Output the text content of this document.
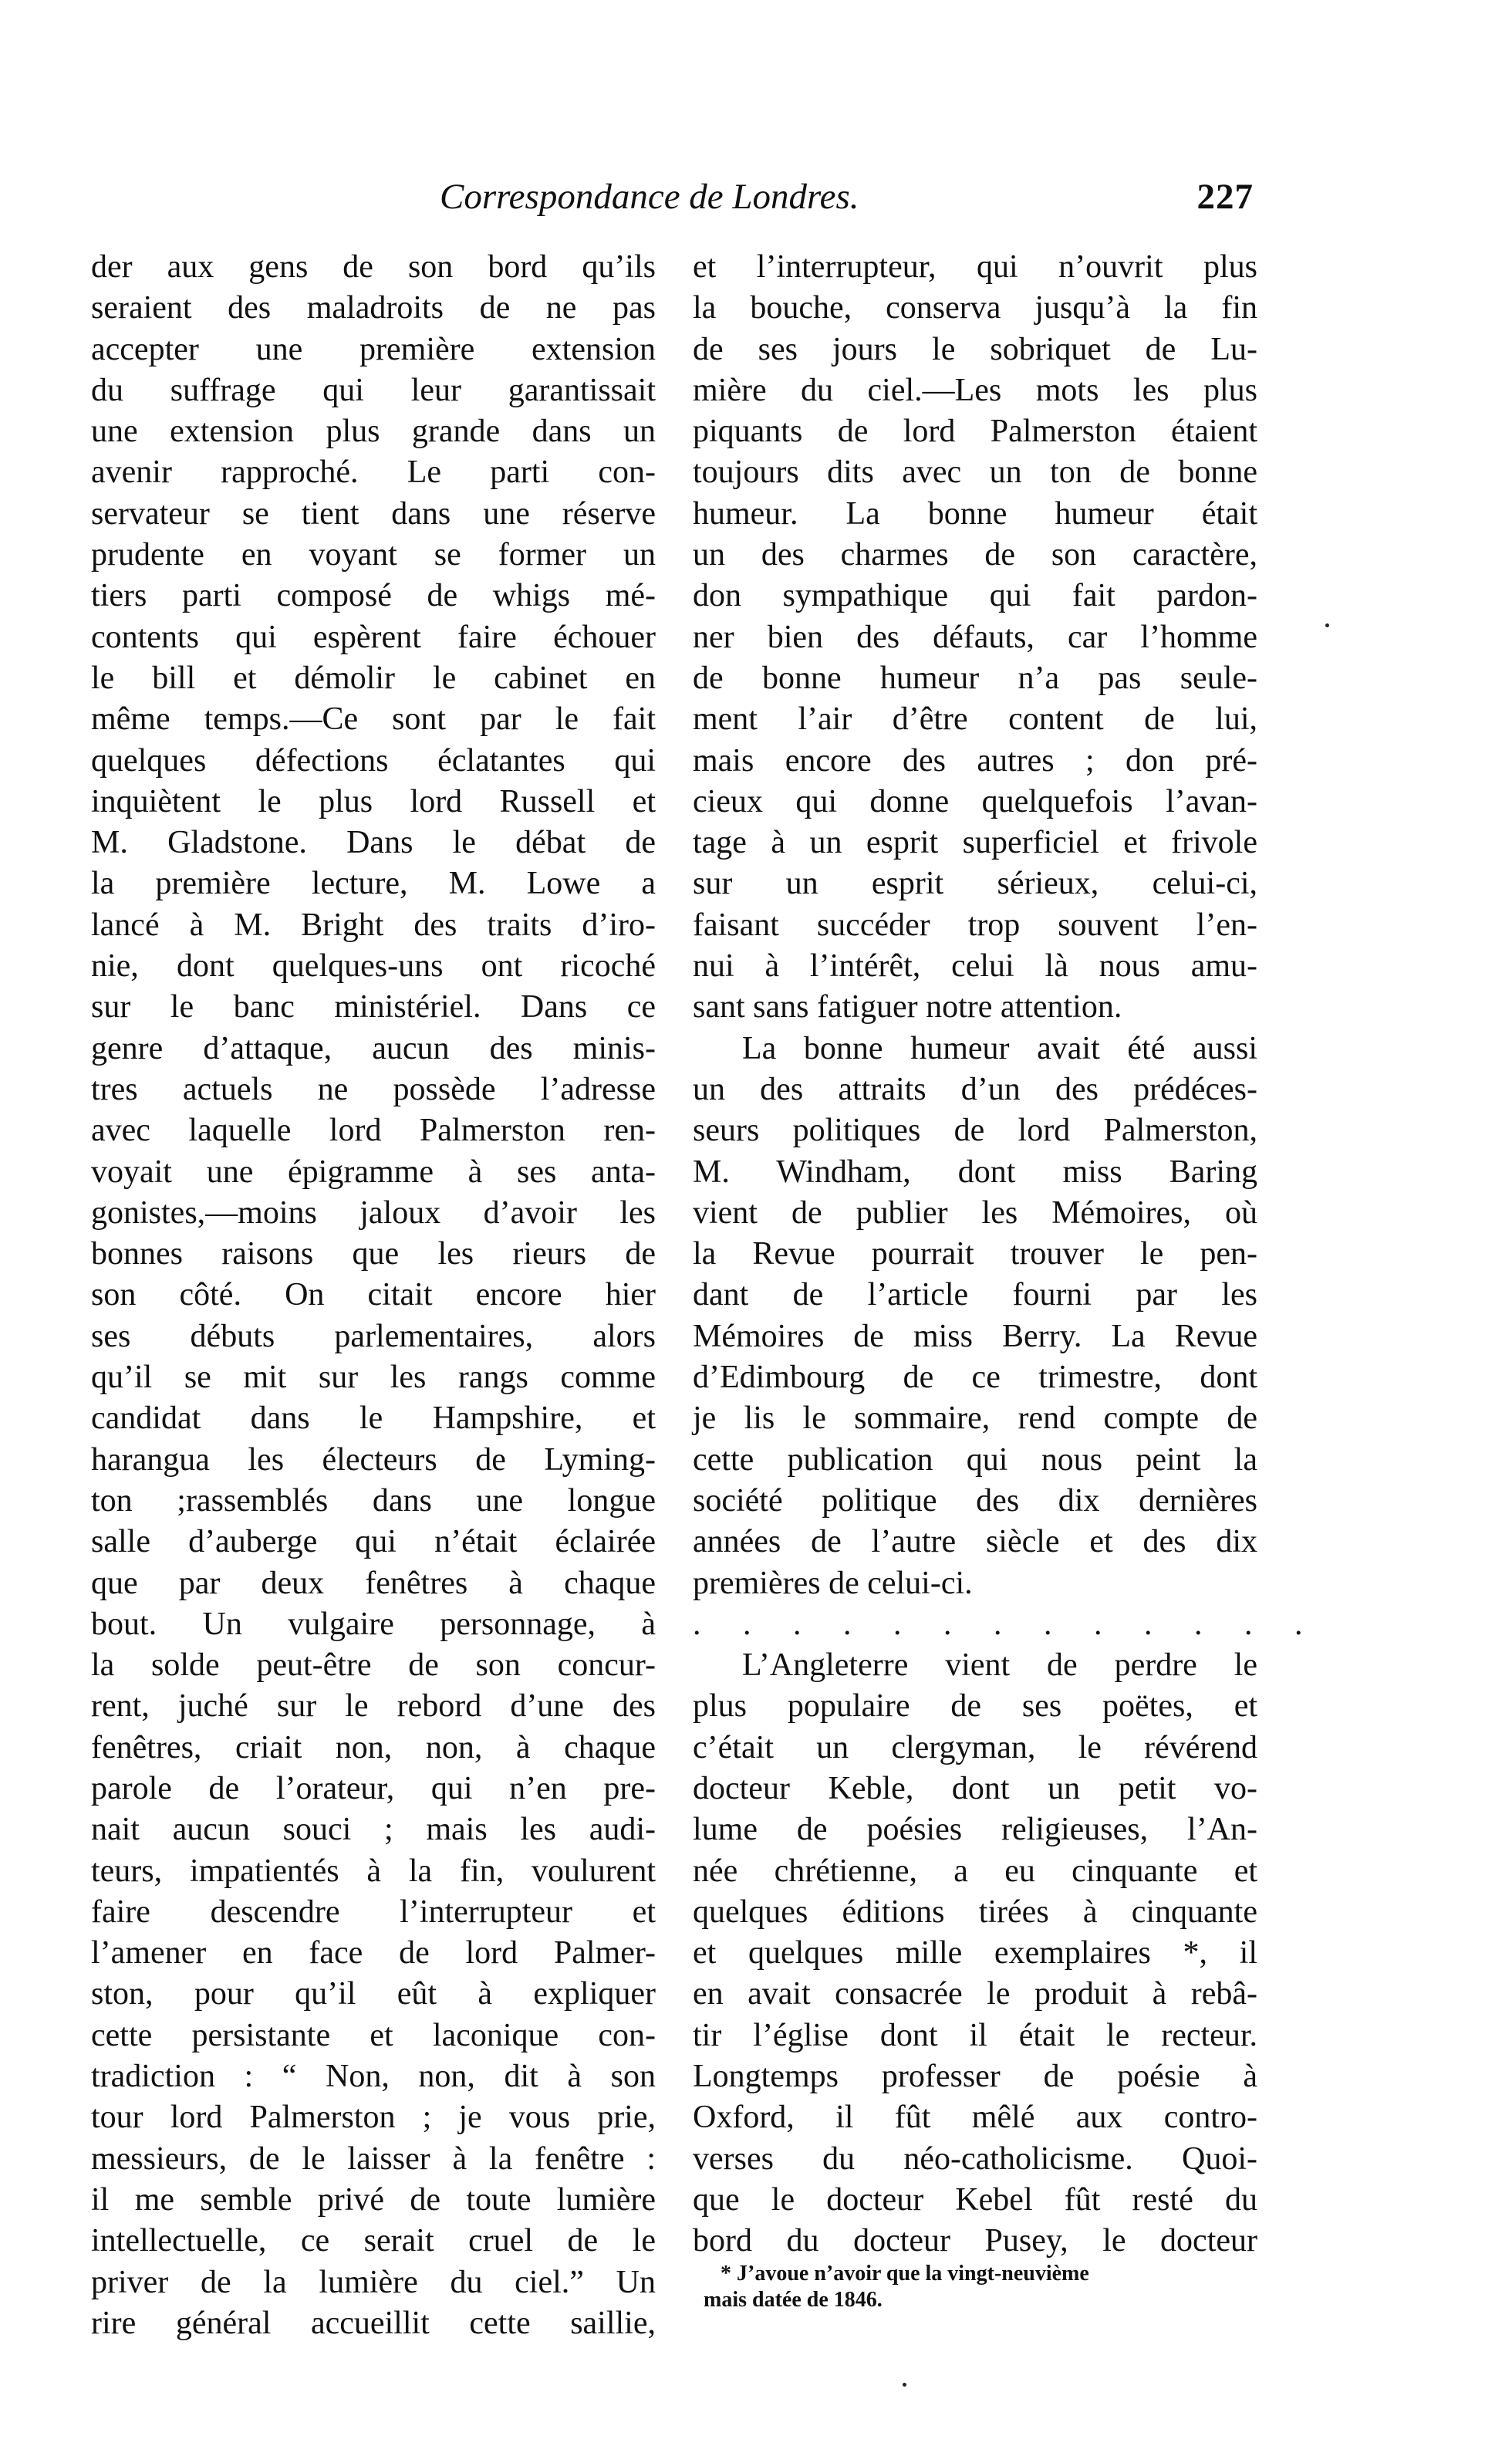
Correspondance de Londres.	227
der aux gens de son bord qu’ils
seraient des maladroits de ne pas
accepter une première extension
du suffrage qui leur garantissait
une extension plus grande dans un
avenir rapproché. Le parti con-
servateur se tient dans une réserve
prudente en voyant se former un
tiers parti composé de whigs mé-
contents qui espèrent faire échouer
le bill et démolir le cabinet en
même temps.—Ce sont par le fait
quelques défections éclatantes qui
inquiètent le plus lord Russell et
M. Gladstone. Dans le débat de
la première lecture, M. Lowe a
lancé à M. Bright des traits d’iro-
nie, dont quelques-uns ont ricoché
sur le banc ministériel. Dans ce
genre d’attaque, aucun des minis-
tres actuels ne possède l’adresse
avec laquelle lord Palmerston ren-
voyait une épigramme à ses anta-
gonistes,—moins jaloux d’avoir les
bonnes raisons que les rieurs de
son côté. On citait encore hier
ses débuts parlementaires, alors
qu’il se mit sur les rangs comme
candidat dans le Hampshire, et
harangua les électeurs de Lyming-
ton ;rassemblés dans une longue
salle d’auberge qui n’était éclairée
que par deux fenêtres à chaque
bout. Un vulgaire personnage, à
la solde peut-être de son concur-
rent, juché sur le rebord d’une des
fenêtres, criait non, non, à chaque
parole de l’orateur, qui n’en pre-
nait aucun souci ; mais les audi-
teurs, impatientés à la fin, voulurent
faire descendre l’interrupteur et
l’amener en face de lord Palmer-
ston, pour qu’il eût à expliquer
cette persistante et laconique con-
tradiction : “ Non, non, dit à son
tour lord Palmerston ; je vous prie,
messieurs, de le laisser à la fenêtre :
il me semble privé de toute lumière
intellectuelle, ce serait cruel de le
priver de la lumière du ciel.” Un
rire général accueillit cette saillie,
et l’interrupteur, qui n’ouvrit plus
la bouche, conserva jusqu’à la fin
de ses jours le sobriquet de Lu-
mière du ciel.—Les mots les plus
piquants de lord Palmerston étaient
toujours dits avec un ton de bonne
humeur. La bonne humeur était
un des charmes de son caractère,
don sympathique qui fait pardon-
ner bien des défauts, car l’homme
de bonne humeur n’a pas seule-
ment l’air d’être content de lui,
mais encore des autres ; don pré-
cieux qui donne quelquefois l’avan-
tage à un esprit superficiel et frivole
sur un esprit sérieux, celui-ci,
faisant succéder trop souvent l’en-
nui à l’intérêt, celui là nous amu-
sant sans fatiguer notre attention.
La bonne humeur avait été aussi
un des attraits d’un des prédéces-
seurs politiques de lord Palmerston,
M. Windham, dont miss Baring
vient de publier les Mémoires, où
la Revue pourrait trouver le pen-
dant de l’article fourni par les
Mémoires de miss Berry. La Revue
d’Edimbourg de ce trimestre, dont
je lis le sommaire, rend compte de
cette publication qui nous peint la
société politique des dix dernières
années de l’autre siècle et des dix
premières de celui-ci.
. . . . . . . . . . . . .
L’Angleterre vient de perdre le
plus populaire de ses poëtes, et
c’était un clergyman, le révérend
docteur Keble, dont un petit vo-
lume de poésies religieuses, l’An-
née chrétienne, a eu cinquante et
quelques éditions tirées à cinquante
et quelques mille exemplaires *, il
en avait consacrée le produit à rebâ-
tir l’église dont il était le recteur.
Longtemps professer de poésie à
Oxford, il fût mêlé aux contro-
verses du néo-catholicisme. Quoi-
que le docteur Kebel fût resté du
bord du docteur Pusey, le docteur
* J’avoue n’avoir que la vingt-neuvième
mais datée de 1846.
